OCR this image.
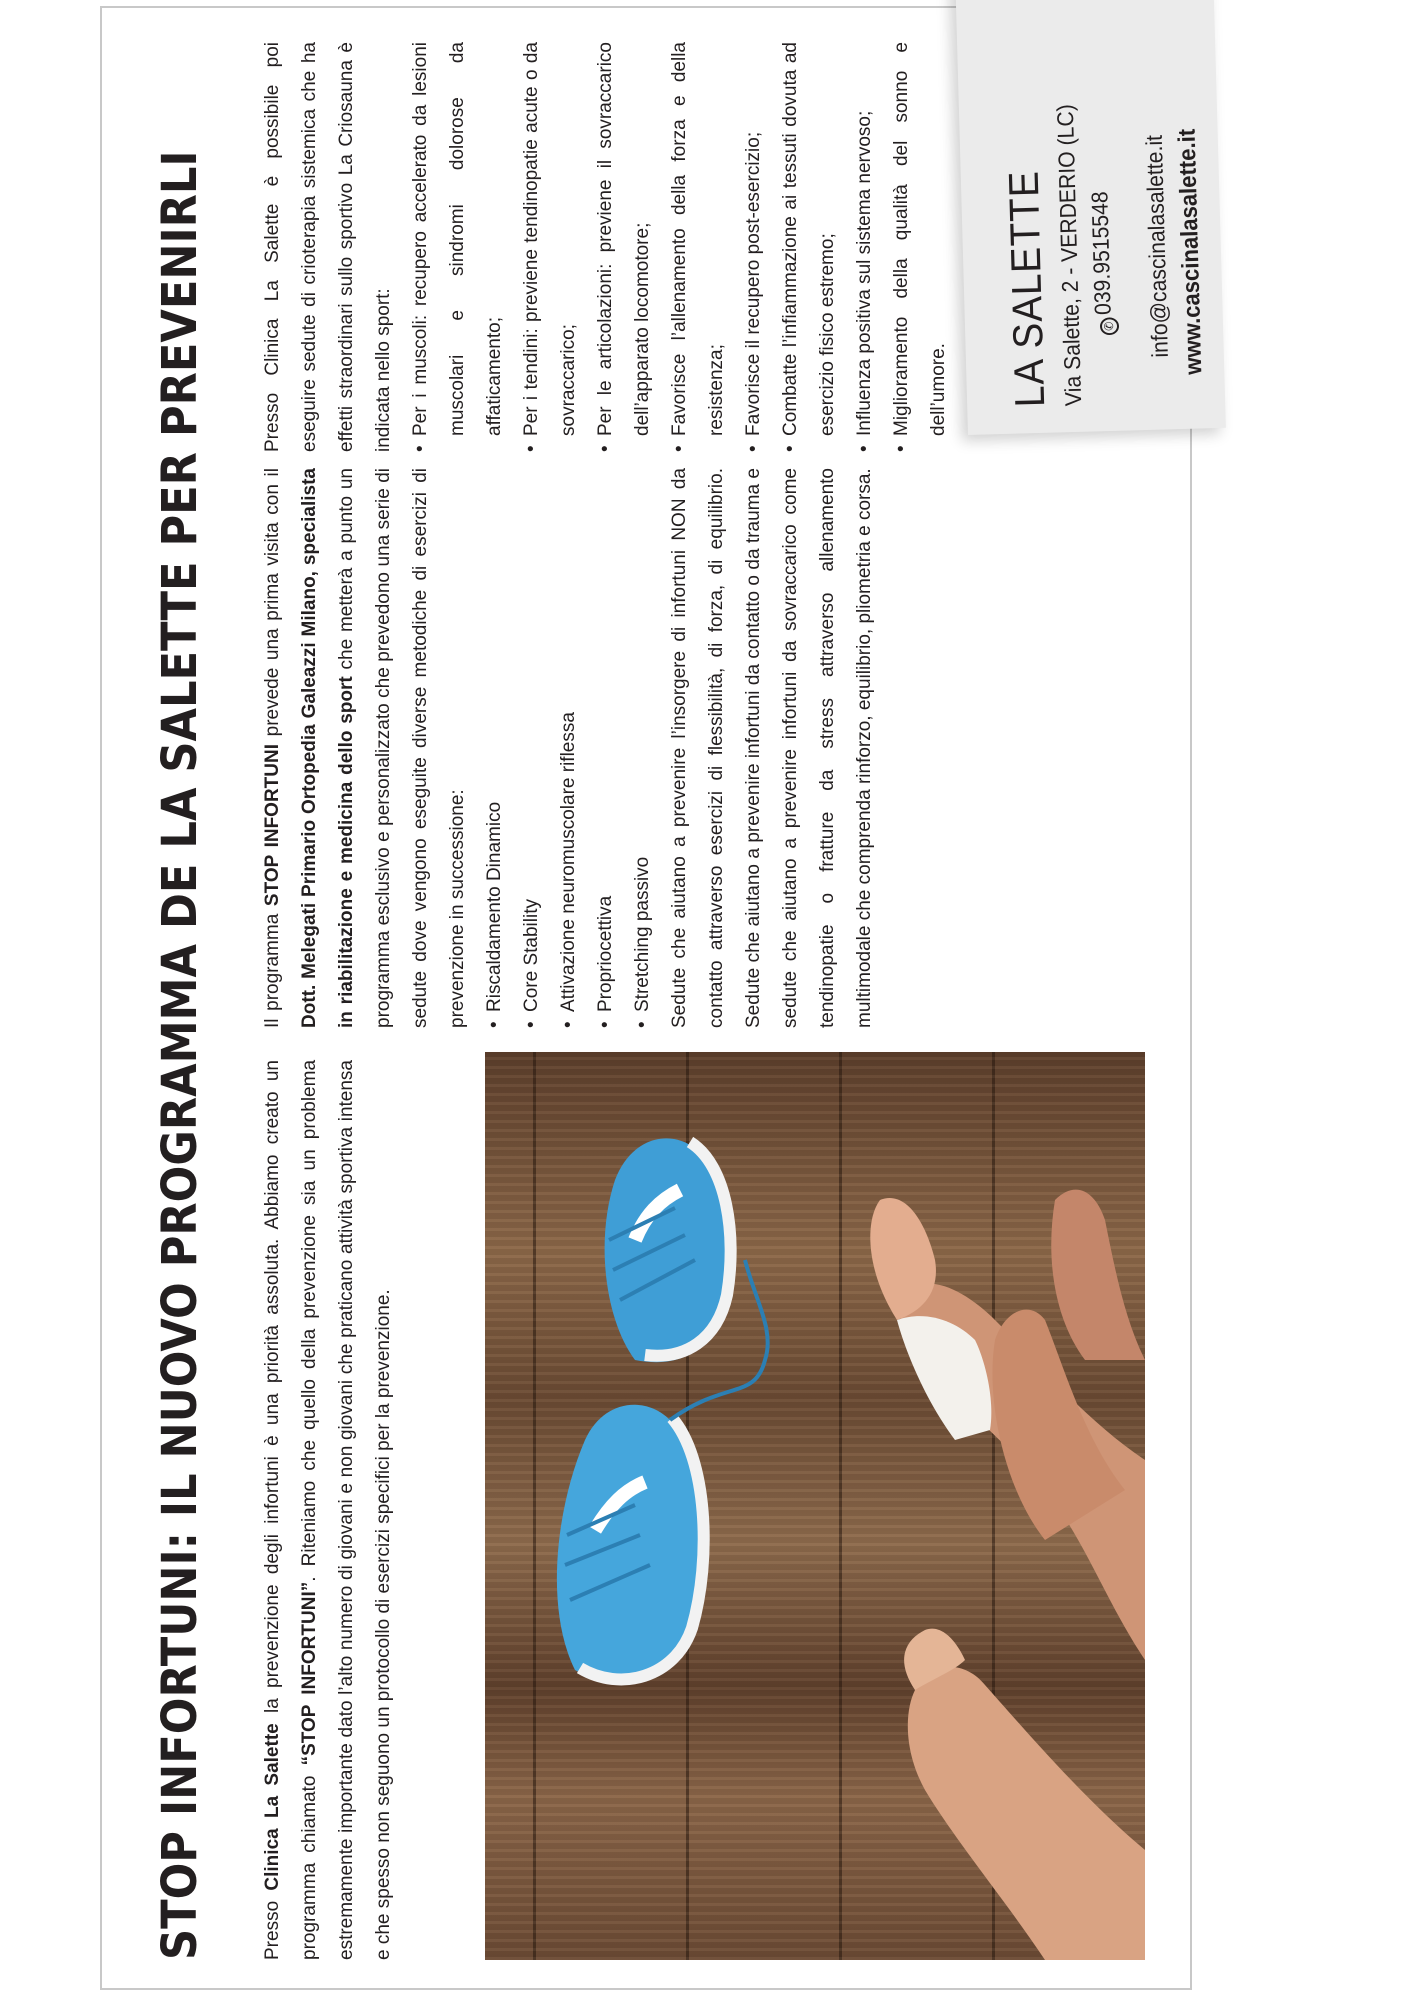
STOP INFORTUNI: IL NUOVO PROGRAMMA DE LA SALETTE PER PREVENIRLI	Presso Clinica La Salette la prevenzione degli infortuni è una priorità assoluta. Abbiamo creato un programma chiamato “STOP INFORTUNI”. Riteniamo che quello della prevenzione sia un problema estremamente importante dato l’alto numero di giovani e non giovani che praticano attività sportiva intensa e che spesso non seguono un protocollo di esercizi specifici per la prevenzione.

Il programma STOP INFORTUNI prevede una prima visita con il Dott. Melegati Primario Ortopedia Galeazzi Milano, specialista in riabilitazione e medicina dello sport che metterà a punto un programma esclusivo e personalizzato che prevedono una serie di sedute dove vengono eseguite diverse metodiche di esercizi di prevenzione in successione: • Riscaldamento Dinamico • Core Stability • Attivazione neuromuscolare riflessa • Propriocettiva • Stretching passivo Sedute che aiutano a prevenire l’insorgere di infortuni NON da contatto attraverso esercizi di flessibilità, di forza, di equilibrio. Sedute che aiutano a prevenire infortuni da contatto o da trauma e sedute che aiutano a prevenire infortuni da sovraccarico come tendinopatie o fratture da stress attraverso allenamento multimodale che comprenda rinforzo, equilibrio, pliometria e corsa.

Presso Clinica La Salette è possibile poi eseguire sedute di crioterapia sistemica che ha effetti straordinari sullo sportivo La Criosauna è indicata nello sport: • Per i muscoli: recupero accelerato da lesioni muscolari e sindromi dolorose da affaticamento; • Per i tendini: previene tendinopatie acute o da sovraccarico; • Per le articolazioni: previene il sovraccarico dell’apparato locomotore; • Favorisce l’allenamento della forza e della resistenza; • Favorisce il recupero post-esercizio; • Combatte l’infiammazione ai tessuti dovuta ad esercizio fisico estremo; • Influenza positiva sul sistema nervoso; • Miglioramento della qualità del sonno e dell’umore. LA SALETTE
Via Salette, 2 - VERDERIO (LC)	✆039.9515548 info@cascinalasalette.it www.cascinalasalette.it
